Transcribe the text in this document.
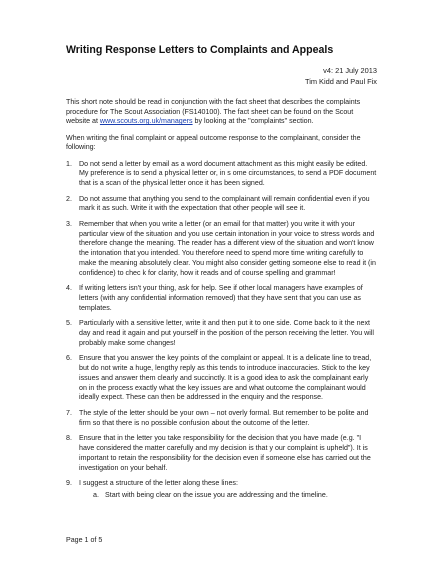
Writing Response Letters to Complaints and Appeals
v4: 21 July 2013
Tim Kidd and Paul Fix

This short note should be read in conjunction with the fact sheet that describes the complaints procedure for The Scout Association (FS140100). The fact sheet can be found on the Scout website at www.scouts.org.uk/managers by looking at the "complaints" section.

When writing the final complaint or appeal outcome response to the complainant, consider the following:

1. Do not send a letter by email as a word document attachment as this might easily be edited. My preference is to send a physical letter or, in s ome circumstances, to send a PDF document that is a scan of the physical letter once it has been signed.
2. Do not assume that anything you send to the complainant will remain confidential even if you mark it as such. Write it with the expectation that other people will see it.
3. Remember that when you write a letter (or an email for that matter) you write it with your particular view of the situation and you use certain intonation in your voice to stress words and therefore change the meaning. The reader has a different view of the situation and won't know the intonation that you intended. You therefore need to spend more time writing carefully to make the meaning absolutely clear. You might also consider getting someone else to read it (in confidence) to chec k for clarity, how it reads and of course spelling and grammar!
4. If writing letters isn't your thing, ask for help. See if other local managers have examples of letters (with any confidential information removed) that they have sent that you can use as templates.
5. Particularly with a sensitive letter, write it and then put it to one side. Come back to it the next day and read it again and put yourself in the position of the person receiving the letter. You will probably make some changes!
6. Ensure that you answer the key points of the complaint or appeal. It is a delicate line to tread, but do not write a huge, lengthy reply as this tends to introduce inaccuracies. Stick to the key issues and answer them clearly and succinctly. It is a good idea to ask the complainant early on in the process exactly what the key issues are and what outcome the complainant would ideally expect. These can then be addressed in the enquiry and the response.
7. The style of the letter should be your own – not overly formal. But remember to be polite and firm so that there is no possible confusion about the outcome of the letter.
8. Ensure that in the letter you take responsibility for the decision that you have made (e.g. "I have considered the matter carefully and my decision is that y our complaint is upheld"). It is important to retain the responsibility for the decision even if someone else has carried out the investigation on your behalf.
9. I suggest a structure of the letter along these lines:
a. Start with being clear on the issue you are addressing and the timeline.
Page 1 of 5
